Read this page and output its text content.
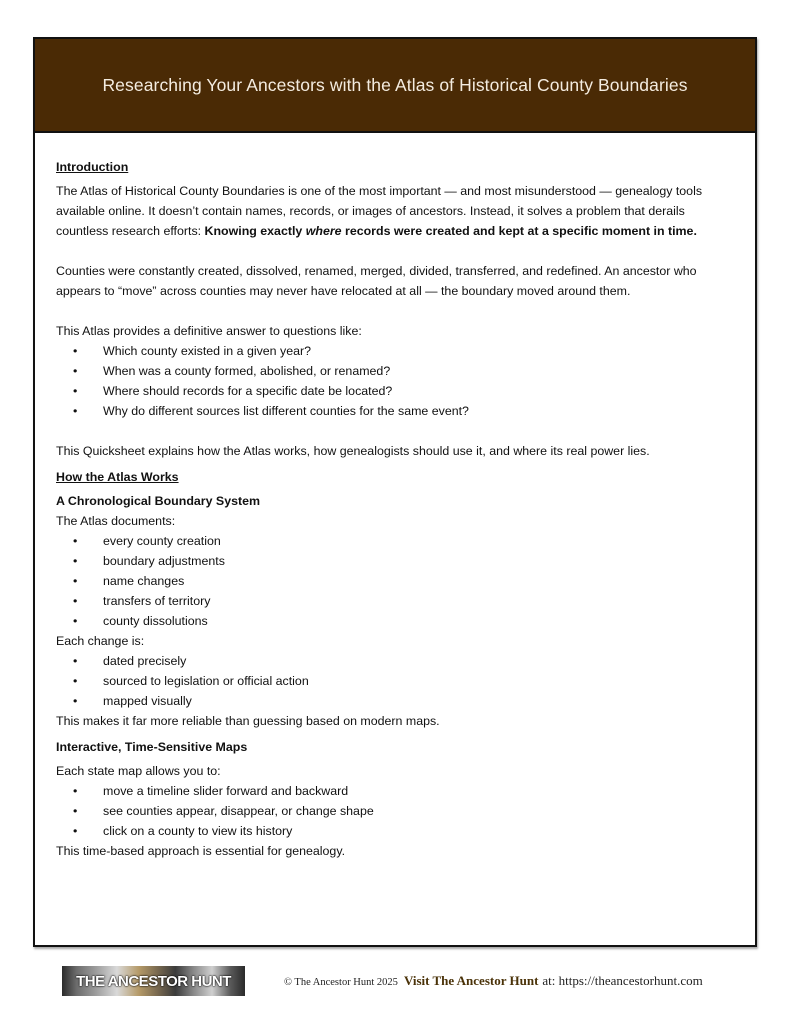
Researching Your Ancestors with the Atlas of Historical County Boundaries
Introduction

The Atlas of Historical County Boundaries is one of the most important — and most misunderstood — genealogy tools available online. It doesn’t contain names, records, or images of ancestors. Instead, it solves a problem that derails countless research efforts: Knowing exactly where records were created and kept at a specific moment in time.

Counties were constantly created, dissolved, renamed, merged, divided, transferred, and redefined. An ancestor who appears to “move” across counties may never have relocated at all — the boundary moved around them.

This Atlas provides a definitive answer to questions like:

• Which county existed in a given year?
• When was a county formed, abolished, or renamed?
• Where should records for a specific date be located?
• Why do different sources list different counties for the same event?

This Quicksheet explains how the Atlas works, how genealogists should use it, and where its real power lies.

How the Atlas Works
A Chronological Boundary System

The Atlas documents:

• every county creation
• boundary adjustments
• name changes
• transfers of territory
• county dissolutions

Each change is:

• dated precisely
• sourced to legislation or official action
• mapped visually

This makes it far more reliable than guessing based on modern maps.

Interactive, Time-Sensitive Maps

Each state map allows you to:

• move a timeline slider forward and backward
• see counties appear, disappear, or change shape
• click on a county to view its history

This time-based approach is essential for genealogy.

THE ANCESTOR HUNT	© The Ancestor Hunt 2025 Visit The Ancestor Hunt at: https://theancestorhunt.com
